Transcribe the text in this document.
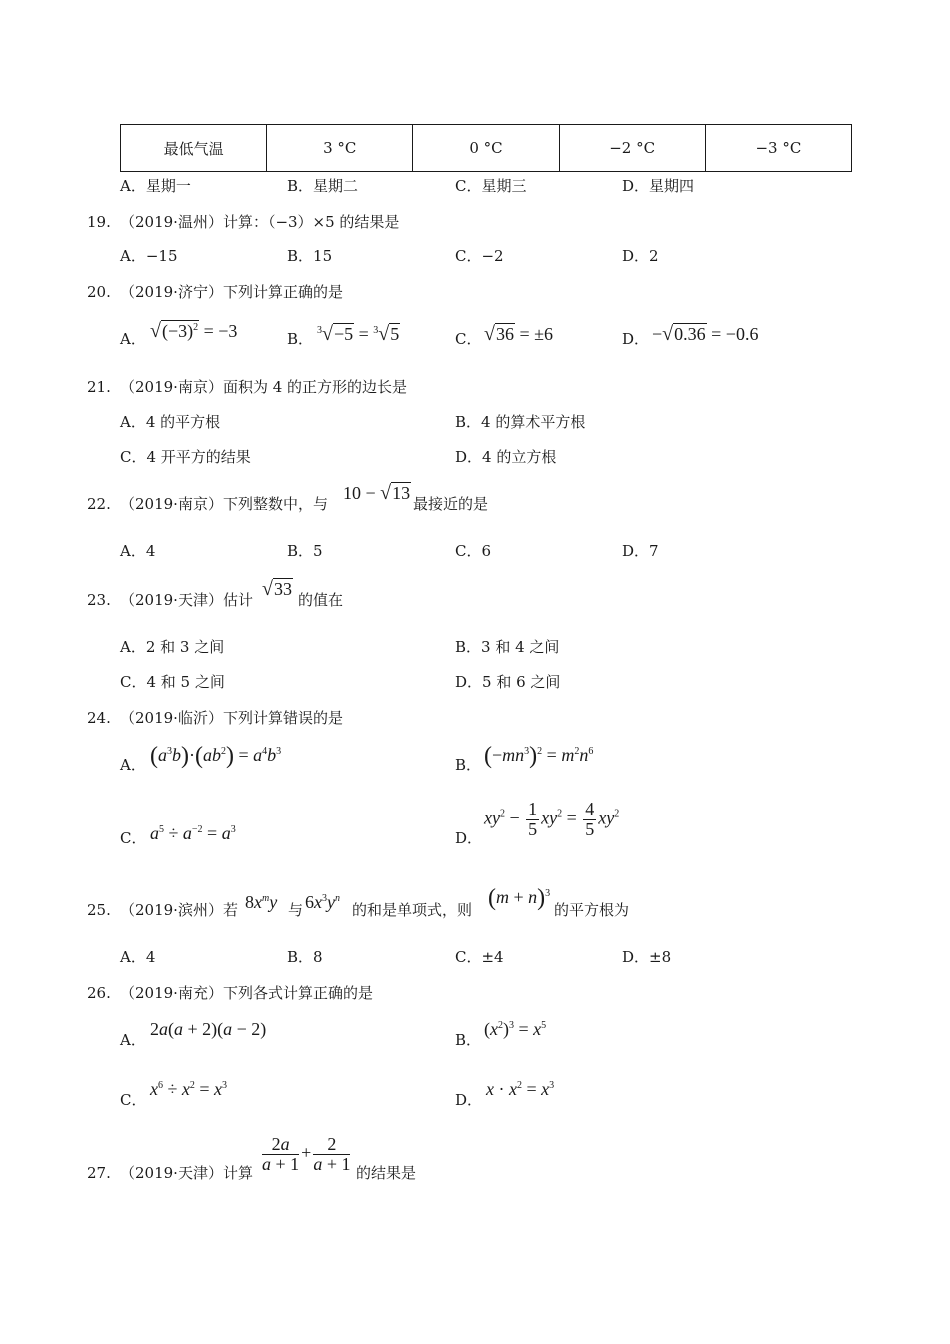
最低气温	3 °C	0 °C	−2 °C	−3 °C
A．星期一	B．星期二	C．星期三	D．星期四
19. （2019·温州）计算：（−3）×5 的结果是
A．−15	B．15	C．−2	D．2
20. （2019·济宁）下列计算正确的是
A． $√(-3)^2 = -3$	B． $^3$√−5 = $^3$√5	C． √36 = ±6	D． −√0.36 = −0.6
21. （2019·南京）面积为 4 的正方形的边长是
A．4 的平方根	B．4 的算术平方根
C．4 开平方的结果	D．4 的立方根
22. （2019·南京）下列整数中，与
10 − √13
最接近的是
A．4	B．5	C．6	D．7
23. （2019·天津）估计 √33
的值在
A．2 和 3 之间	B．3 和 4 之间
C．4 和 5 之间	D．5 和 6 之间
24. （2019·临沂）下列计算错误的是
A． $(a^3b)\cdot(ab^2) = a^4b^3$
B． $(-mn^3)^2 = m^2n^6$
C． $a^5 \div a^{-2} = a^3$	D．
$xy^2 - \frac{1}{5} xy^2 = \frac{4}{5} xy^2$
25. （2019·滨州）若 $8x^my$ 与 $6x^3y^n$
的和是单项式，则 $(m + n)^3$
的平方根为
A．4	B．8	C．±4	D．±8
26. （2019·南充）下列各式计算正确的是
A．
2a(a + 2)(a − 2)
B．
$(x^2)^3 = x^5$
C．
$x^6 \div x^2 = x^3$
D．
$x \cdot x^2 = x^3$
27. （2019·天津）计算 $\frac{2a}{a + 1} + \frac{2}{a + 1}$ 的结果是
